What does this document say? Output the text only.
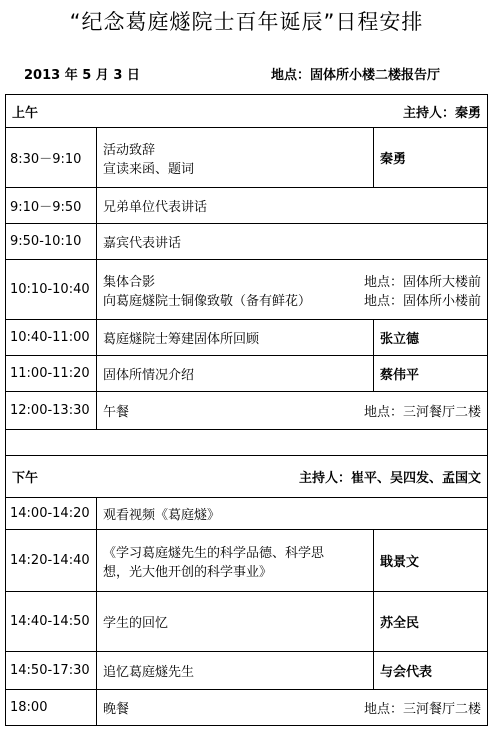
“纪念葛庭燧院士百年诞辰”日程安排
2013 年 5 月 3 日	地点：固体所小楼二楼报告厅
上午 主持人：秦勇		

8:30－9:10	活动致辞
宣读来函、题词	秦勇
9:10－9:50	兄弟单位代表讲话	
9:50-10:10	嘉宾代表讲话	
10:10-10:40	集体合影 地点：固体所大楼前
向葛庭燧院士铜像致敬（备有鲜花） 地点：固体所小楼前	

10:40-11:00	葛庭燧院士筹建固体所回顾	张立德
11:00-11:20	固体所情况介绍	蔡伟平
12:00-13:30	午餐 地点：三河餐厅二楼	

下午 主持人：崔平、吴四发、孟国文		

14:00-14:20	观看视频《葛庭燧》	
14:20-14:40	《学习葛庭燧先生的科学品德、科学思
想，光大他开创的科学事业》	戢景文
14:40-14:50	学生的回忆	苏全民
14:50-17:30	追忆葛庭燧先生	与会代表
18:00	晚餐 地点：三河餐厅二楼	
